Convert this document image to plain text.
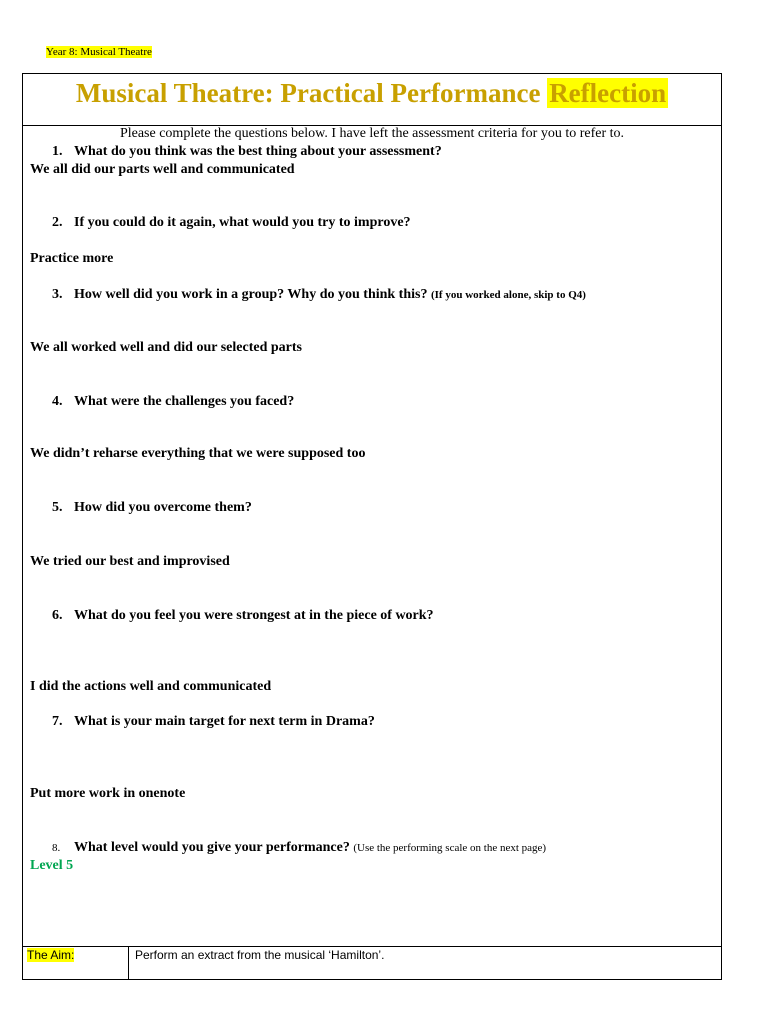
Year 8: Musical Theatre
Musical Theatre: Practical Performance Reflection
Please complete the questions below. I have left the assessment criteria for you to refer to.
1. What do you think was the best thing about your assessment?
We all did our parts well and communicated
2. If you could do it again, what would you try to improve?
Practice more
3. How well did you work in a group? Why do you think this? (If you worked alone, skip to Q4)
We all worked well and did our selected parts
4. What were the challenges you faced?
We didn’t reharse everything that we were supposed too
5. How did you overcome them?
We tried our best and improvised
6. What do you feel you were strongest at in the piece of work?
I did the actions well and communicated
7. What is your main target for next term in Drama?
Put more work in onenote
8. What level would you give your performance? (Use the performing scale on the next page)
Level 5
The Aim:	Perform an extract from the musical ‘Hamilton’.
